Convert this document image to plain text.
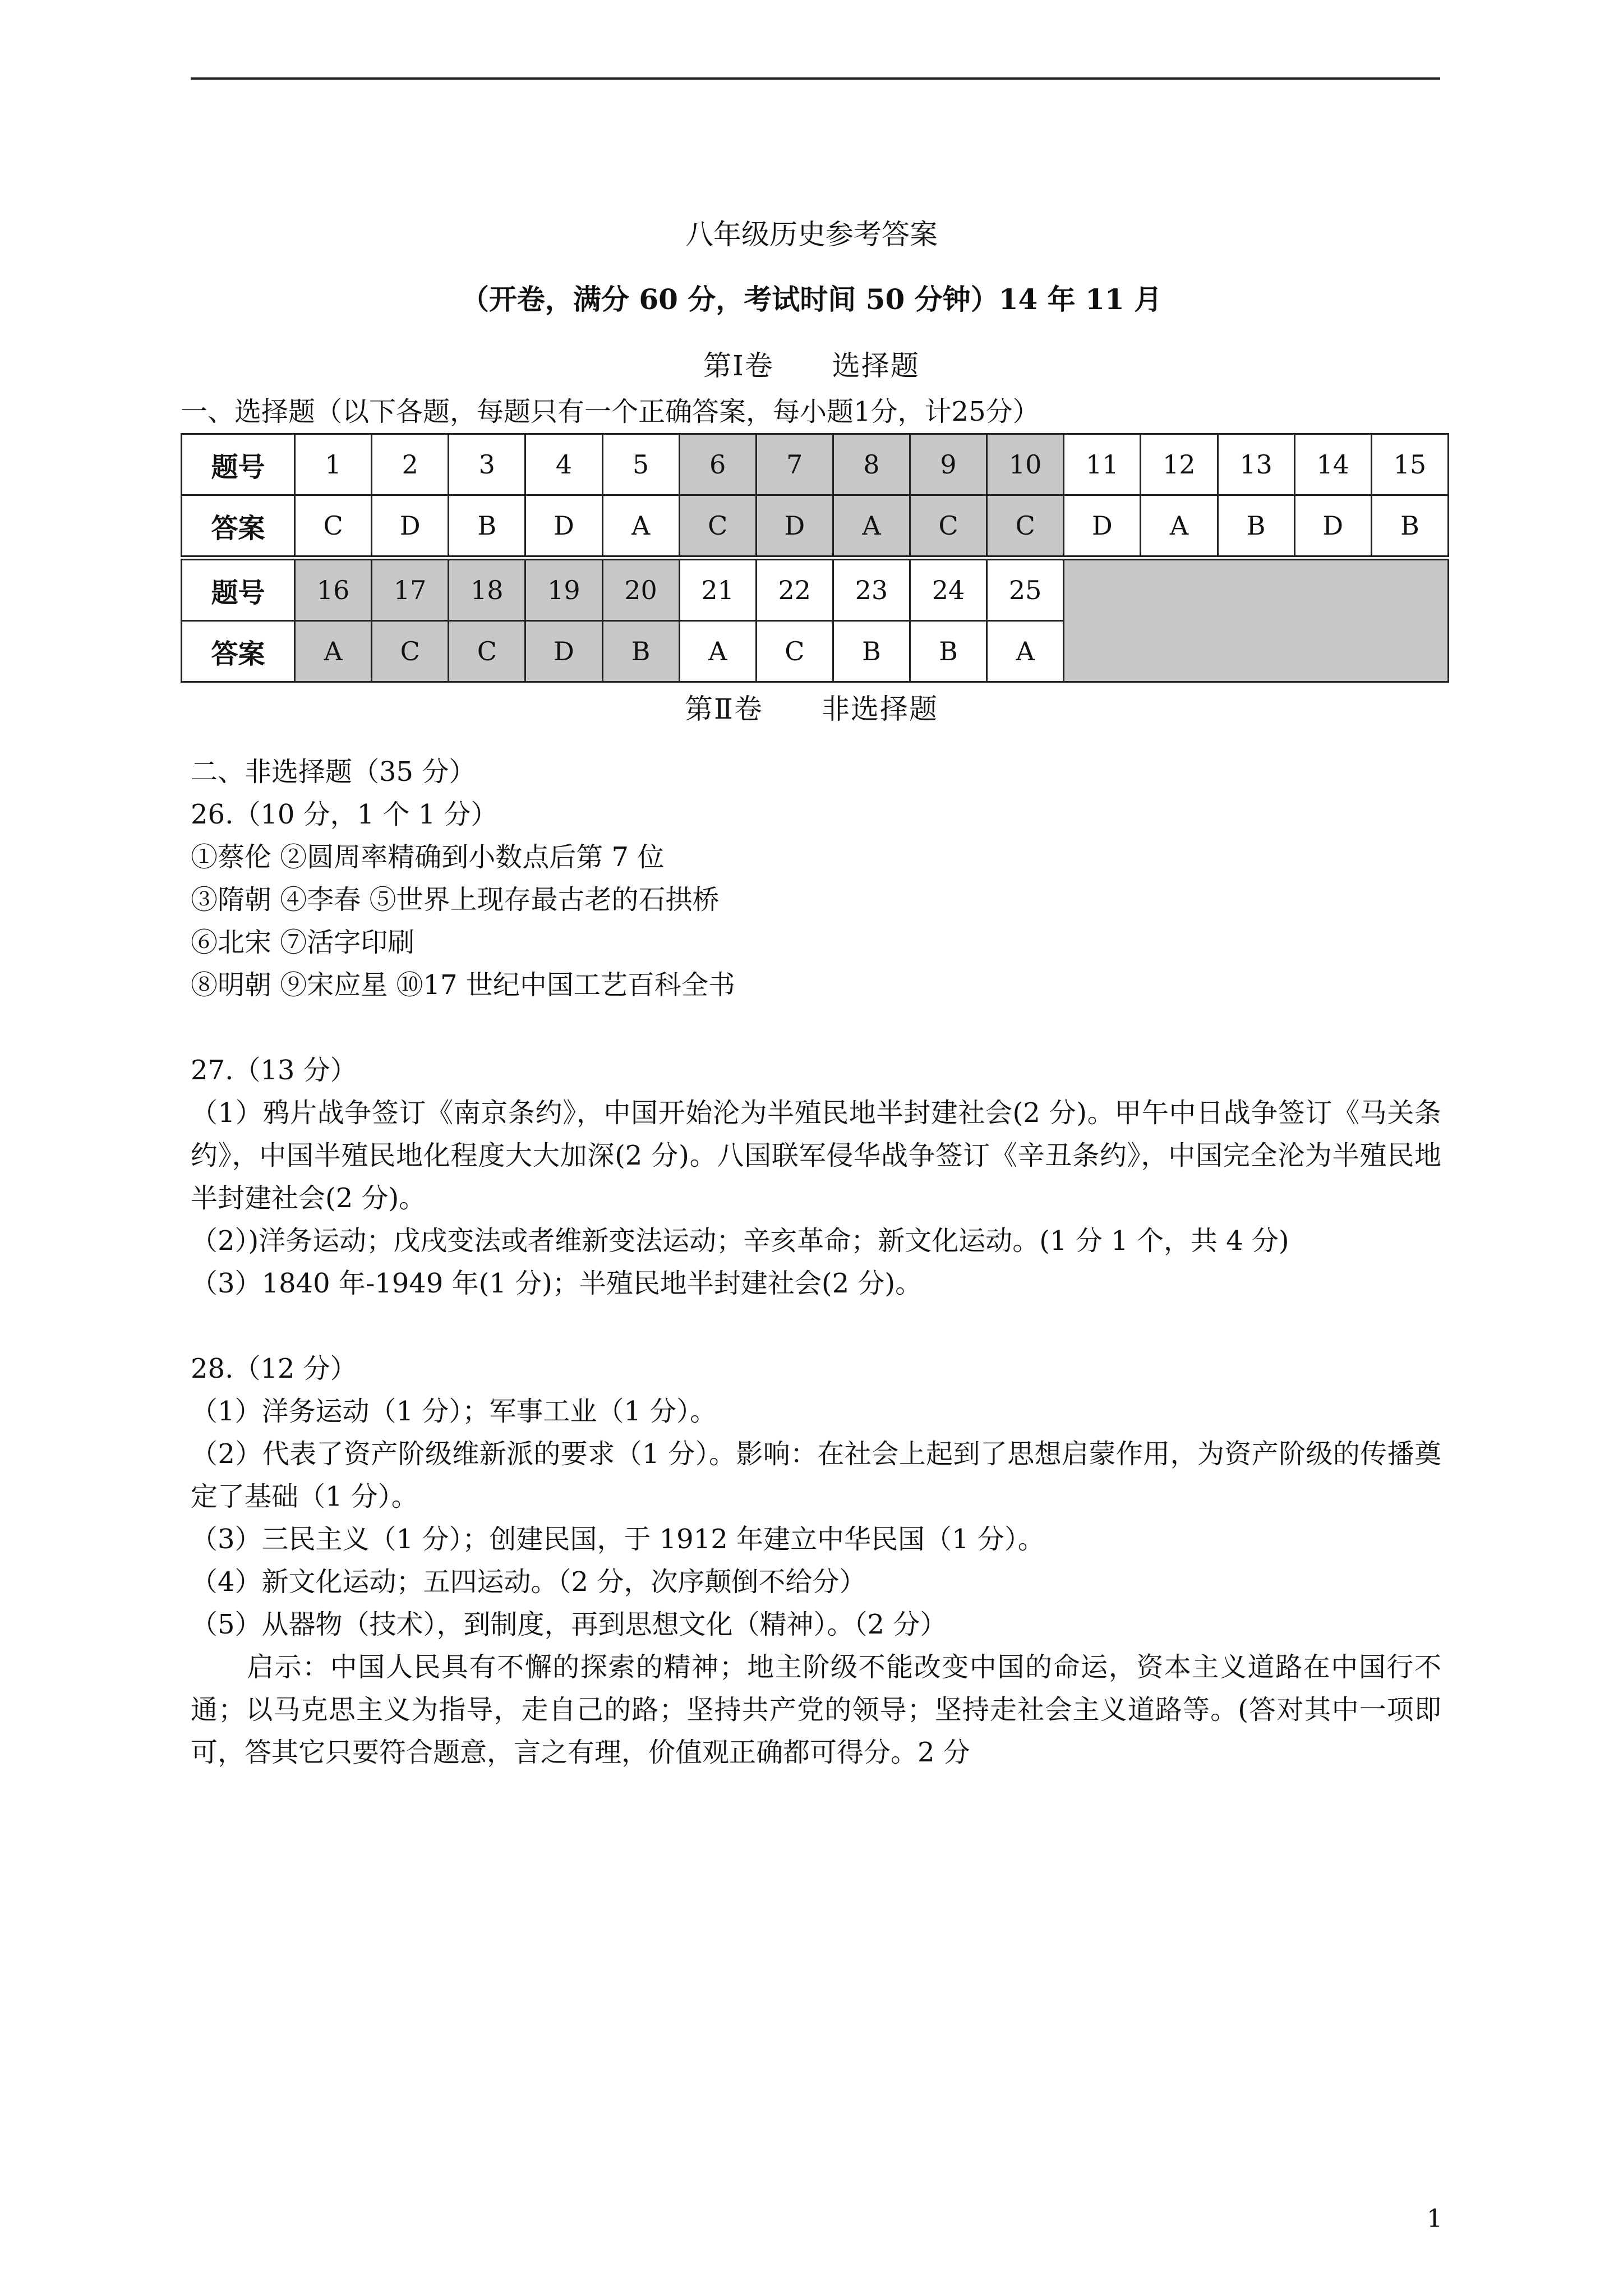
八年级历史参考答案
（开卷，满分 60 分，考试时间 50 分钟）14 年 11 月
第Ⅰ卷　　选择题
一、选择题（以下各题，每题只有一个正确答案，每小题1分，计25分）
题号	1	2	3	4	5	6	7	8	9	10	11	12	13	14	15
答案	C	D	B	D	A	C	D	A	C	C	D	A	B	D	B
题号	16	17	18	19	20	21	22	23	24	25	
答案	A	C	C	D	B	A	C	B	B	A	
第Ⅱ卷　　非选择题
二、非选择题（35 分）
26.（10 分，1 个 1 分）
①蔡伦 ②圆周率精确到小数点后第 7 位
③隋朝 ④李春 ⑤世界上现存最古老的石拱桥
⑥北宋 ⑦活字印刷
⑧明朝 ⑨宋应星 ⑩17 世纪中国工艺百科全书
27.（13 分）
（1）鸦片战争签订《南京条约》，中国开始沦为半殖民地半封建社会(2 分)。甲午中日战争签订《马关条约》，中国半殖民地化程度大大加深(2 分)。八国联军侵华战争签订《辛丑条约》，中国完全沦为半殖民地半封建社会(2 分)。
（2）)洋务运动；戊戌变法或者维新变法运动；辛亥革命；新文化运动。(1 分 1 个，共 4 分)
（3）1840 年-1949 年(1 分)；半殖民地半封建社会(2 分)。
28.（12 分）
（1）洋务运动（1 分）；军事工业（1 分）。
（2）代表了资产阶级维新派的要求（1 分）。影响：在社会上起到了思想启蒙作用，为资产阶级的传播奠定了基础（1 分）。
（3）三民主义（1 分）；创建民国，于 1912 年建立中华民国（1 分）。
（4）新文化运动；五四运动。（2 分，次序颠倒不给分）
（5）从器物（技术），到制度，再到思想文化（精神）。（2 分）
启示：中国人民具有不懈的探索的精神；地主阶级不能改变中国的命运，资本主义道路在中国行不通；以马克思主义为指导，走自己的路；坚持共产党的领导；坚持走社会主义道路等。(答对其中一项即可，答其它只要符合题意，言之有理，价值观正确都可得分。2 分
1
